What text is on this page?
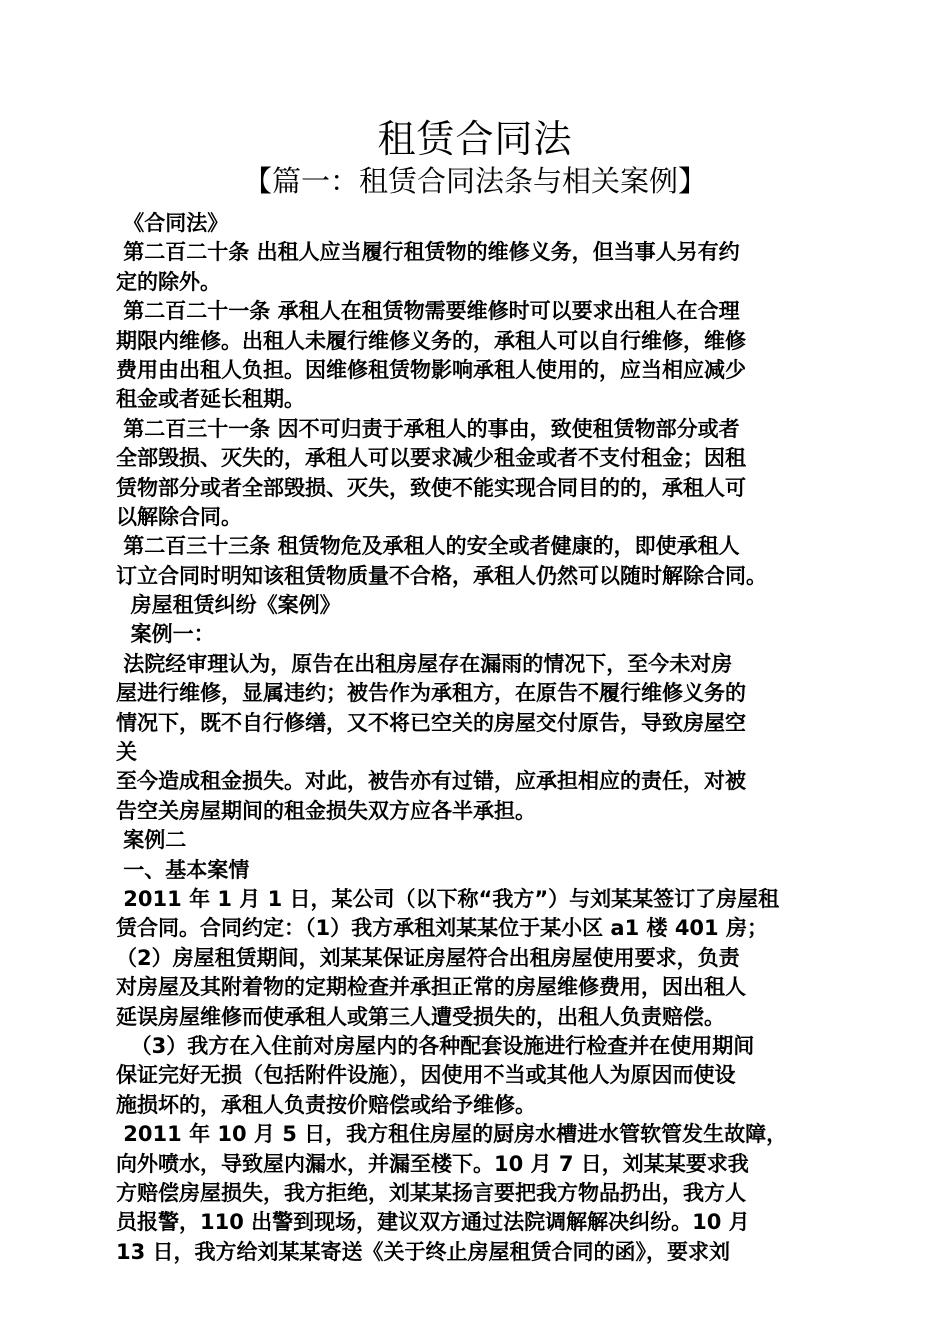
租赁合同法
【篇一：租赁合同法条与相关案例】
《合同法》
第二百二十条 出租人应当履行租赁物的维修义务，但当事人另有约
定的除外。
第二百二十一条 承租人在租赁物需要维修时可以要求出租人在合理
期限内维修。出租人未履行维修义务的，承租人可以自行维修，维修
费用由出租人负担。因维修租赁物影响承租人使用的，应当相应减少
租金或者延长租期。
第二百三十一条 因不可归责于承租人的事由，致使租赁物部分或者
全部毁损、灭失的，承租人可以要求减少租金或者不支付租金；因租
赁物部分或者全部毁损、灭失，致使不能实现合同目的的，承租人可
以解除合同。
第二百三十三条 租赁物危及承租人的安全或者健康的，即使承租人
订立合同时明知该租赁物质量不合格，承租人仍然可以随时解除合同。
房屋租赁纠纷《案例》
案例一：
法院经审理认为，原告在出租房屋存在漏雨的情况下，至今未对房
屋进行维修，显属违约；被告作为承租方，在原告不履行维修义务的
情况下，既不自行修缮，又不将已空关的房屋交付原告，导致房屋空
关
至今造成租金损失。对此，被告亦有过错，应承担相应的责任，对被
告空关房屋期间的租金损失双方应各半承担。
案例二
一、基本案情
2011 年 1 月 1 日，某公司（以下称“我方”）与刘某某签订了房屋租
赁合同。合同约定：（1）我方承租刘某某位于某小区 a1 楼 401 房；
（2）房屋租赁期间，刘某某保证房屋符合出租房屋使用要求，负责
对房屋及其附着物的定期检查并承担正常的房屋维修费用，因出租人
延误房屋维修而使承租人或第三人遭受损失的，出租人负责赔偿。
（3）我方在入住前对房屋内的各种配套设施进行检查并在使用期间
保证完好无损（包括附件设施），因使用不当或其他人为原因而使设
施损坏的，承租人负责按价赔偿或给予维修。
2011 年 10 月 5 日，我方租住房屋的厨房水槽进水管软管发生故障，
向外喷水，导致屋内漏水，并漏至楼下。10 月 7 日，刘某某要求我
方赔偿房屋损失，我方拒绝，刘某某扬言要把我方物品扔出，我方人
员报警，110 出警到现场，建议双方通过法院调解解决纠纷。10 月
13 日，我方给刘某某寄送《关于终止房屋租赁合同的函》，要求刘
